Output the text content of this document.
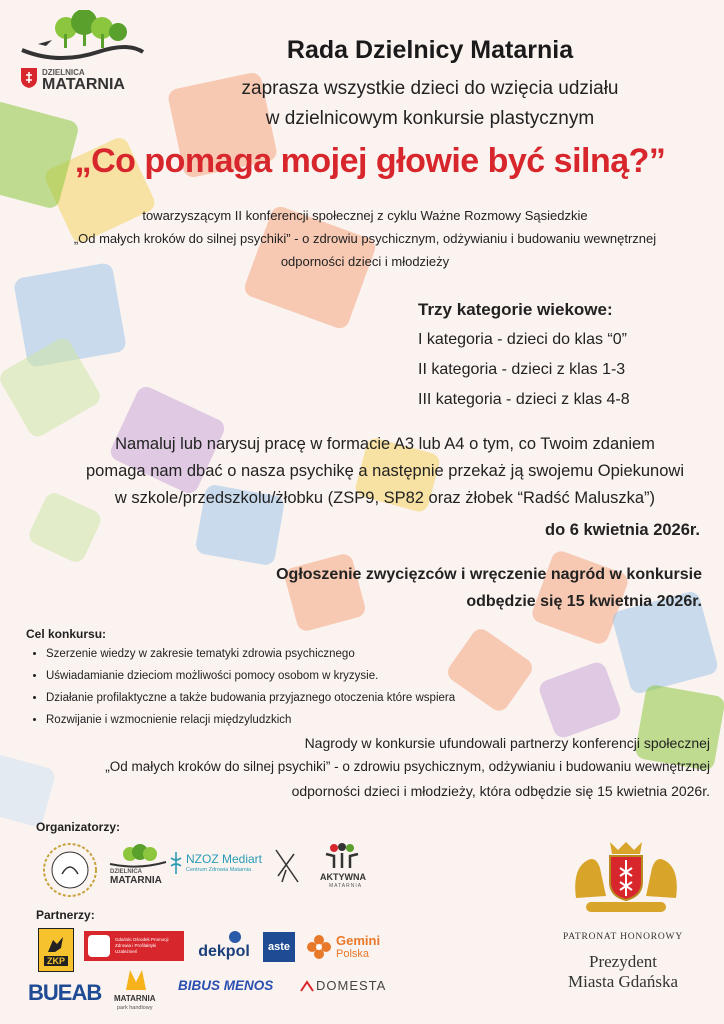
DZIELNICA
MATARNIA
Rada Dzielnicy Matarnia
zaprasza wszystkie dzieci do wzięcia udziału
w dzielnicowym konkursie plastycznym
„Co pomaga mojej głowie być silną?”
towarzyszącym II konferencji społecznej z cyklu Ważne Rozmowy Sąsiedzkie
„Od małych kroków do silnej psychiki” - o zdrowiu psychicznym, odżywianiu i budowaniu wewnętrznej
odporności dzieci i młodzieży
Trzy kategorie wiekowe:
I kategoria - dzieci do klas “0”
II kategoria - dzieci z klas 1-3
III kategoria - dzieci z klas 4-8
Namaluj lub narysuj pracę w formacie A3 lub A4 o tym, co Twoim zdaniem
pomaga nam dbać o nasza psychikę a następnie przekaż ją swojemu Opiekunowi
w szkole/przedszkolu/żłobku (ZSP9, SP82 oraz żłobek “Radść Maluszka”)
do 6 kwietnia 2026r.
Ogłoszenie zwycięzców i wręczenie nagród w konkursie
odbędzie się 15 kwietnia 2026r.
Cel konkursu:
• Szerzenie wiedzy w zakresie tematyki zdrowia psychicznego
• Uświadamianie dzieciom możliwości pomocy osobom w kryzysie.
• Działanie profilaktyczne a także budowania przyjaznego otoczenia które wspiera
• Rozwijanie i wzmocnienie relacji międzyludzkich
Nagrody w konkursie ufundowali partnerzy konferencji społecznej
„Od małych kroków do silnej psychiki” - o zdrowiu psychicznym, odżywianiu i budowaniu wewnętrznej
odporności dzieci i młodzieży, która odbędzie się 15 kwietnia 2026r.
Organizatorzy:
DZIELNICA
MATARNIA
NZOZ Mediart
Centrum Zdrowia Matarnia
AKTYWNA
MATARNIA
Partnerzy:
ZKP
Gdański Ośrodek Promocji Zdrowia i Profilaktyki Uzależnień	dekpol aste	Gemini
Polska
BUEAB MATARNIA
park handlowy
BIBUS MENOS	DOMESTA
PATRONAT HONOROWY
Prezydent
Miasta Gdańska
